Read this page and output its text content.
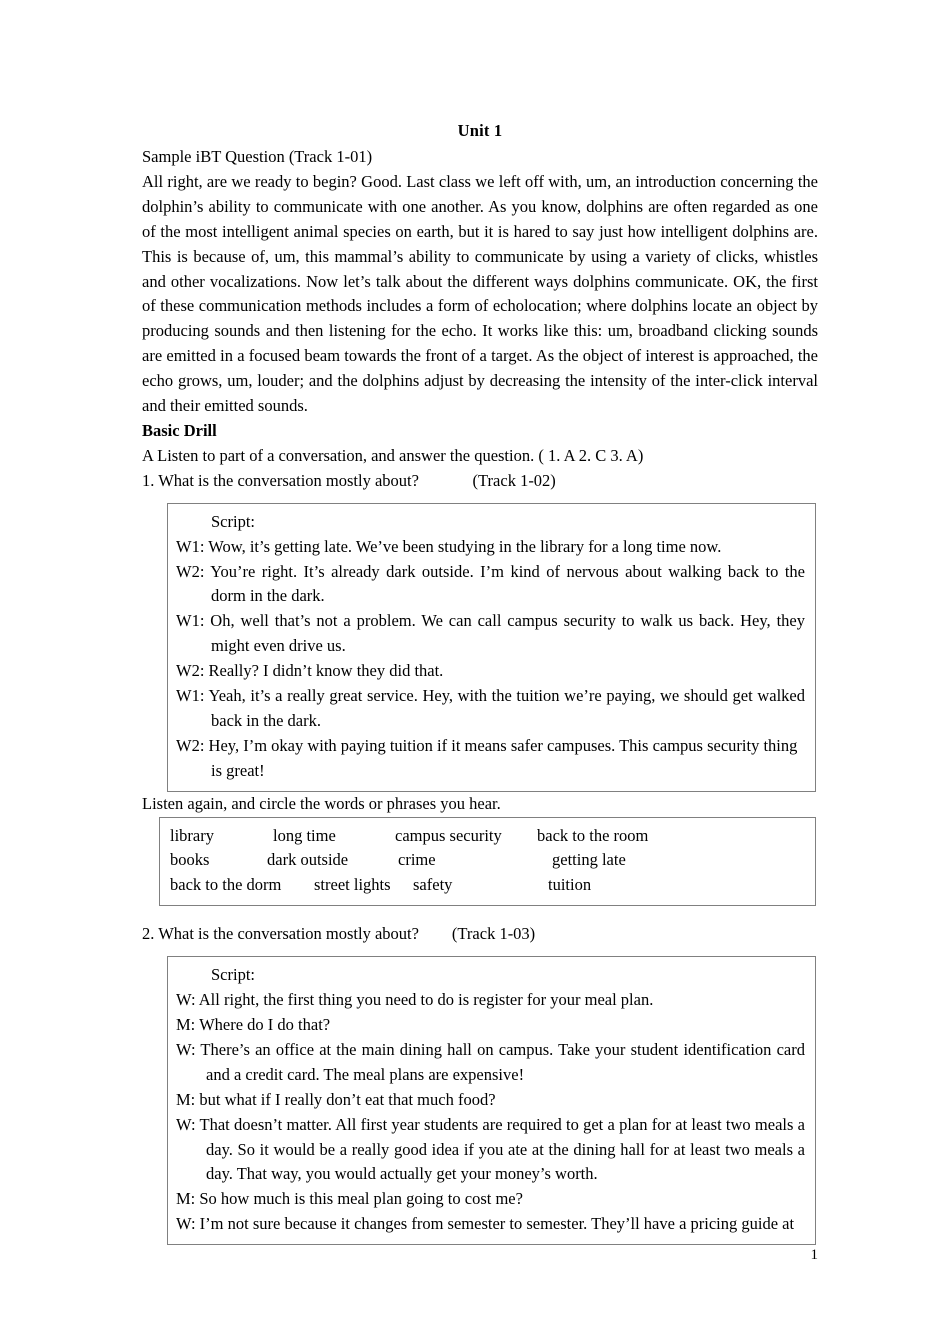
Unit 1
Sample iBT Question (Track 1-01)
All right, are we ready to begin? Good. Last class we left off with, um, an introduction concerning the dolphin’s ability to communicate with one another. As you know, dolphins are often regarded as one of the most intelligent animal species on earth, but it is hared to say just how intelligent dolphins are. This is because of, um, this mammal’s ability to communicate by using a variety of clicks, whistles and other vocalizations. Now let’s talk about the different ways dolphins communicate. OK, the first of these communication methods includes a form of echolocation; where dolphins locate an object by producing sounds and then listening for the echo. It works like this: um, broadband clicking sounds are emitted in a focused beam towards the front of a target. As the object of interest is approached, the echo grows, um, louder; and the dolphins adjust by decreasing the intensity of the inter-click interval and their emitted sounds.
Basic Drill
A Listen to part of a conversation, and answer the question. ( 1. A 2. C 3. A)
1. What is the conversation mostly about?             (Track 1-02)
Script:
W1: Wow, it’s getting late. We’ve been studying in the library for a long time now.
W2: You’re right. It’s already dark outside. I’m kind of nervous about walking back to the dorm in the dark.
W1: Oh, well that’s not a problem. We can call campus security to walk us back. Hey, they might even drive us.
W2: Really? I didn’t know they did that.
W1: Yeah, it’s a really great service. Hey, with the tuition we’re paying, we should get walked back in the dark.
W2: Hey, I’m okay with paying tuition if it means safer campuses. This campus security thing is great!
Listen again, and circle the words or phrases you hear.
library	long time	campus security	back to the room
books	dark outside	crime	getting late
back to the dorm	street lights	safety	tuition
2. What is the conversation mostly about?        (Track 1-03)
Script:
W: All right, the first thing you need to do is register for your meal plan.
M: Where do I do that?
W: There’s an office at the main dining hall on campus. Take your student identification card and a credit card. The meal plans are expensive!
M: but what if I really don’t eat that much food?
W: That doesn’t matter. All first year students are required to get a plan for at least two meals a day. So it would be a really good idea if you ate at the dining hall for at least two meals a day. That way, you would actually get your money’s worth.
M: So how much is this meal plan going to cost me?
W: I’m not sure because it changes from semester to semester. They’ll have a pricing guide at
1
